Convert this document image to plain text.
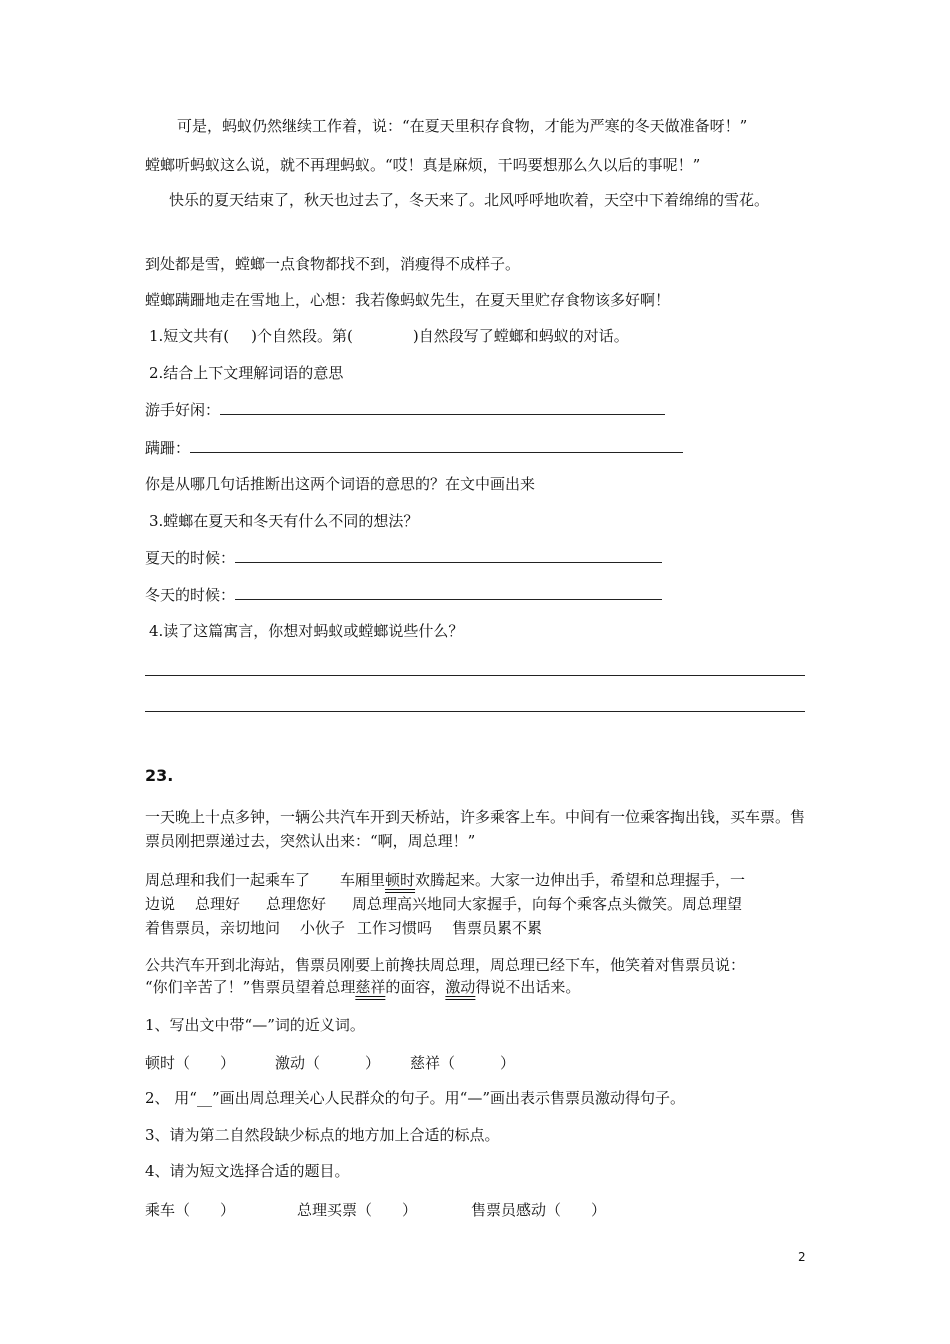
可是，蚂蚁仍然继续工作着，说：“在夏天里积存食物，才能为严寒的冬天做准备呀！”
螳螂听蚂蚁这么说，就不再理蚂蚁。“哎！真是麻烦，干吗要想那么久以后的事呢！”
快乐的夏天结束了，秋天也过去了，冬天来了。北风呼呼地吹着，天空中下着绵绵的雪花。
到处都是雪，螳螂一点食物都找不到，消瘦得不成样子。
螳螂蹒跚地走在雪地上，心想：我若像蚂蚁先生，在夏天里贮存食物该多好啊！
1.短文共有( )个自然段。第(	)自然段写了螳螂和蚂蚁的对话。
2.结合上下文理解词语的意思
游手好闲：
蹒跚：
你是从哪几句话推断出这两个词语的意思的？在文中画出来
3.螳螂在夏天和冬天有什么不同的想法？
夏天的时候：
冬天的时候：
4.读了这篇寓言，你想对蚂蚁或螳螂说些什么？
23.
一天晚上十点多钟，一辆公共汽车开到天桥站，许多乘客上车。中间有一位乘客掏出钱，买车票。售票员刚把票递过去，突然认出来：“啊，周总理！”
周总理和我们一起乘车了 车厢里顿时欢腾起来。大家一边伸出手，希望和总理握手，一
边说 总理好 总理您好 周总理高兴地同大家握手，向每个乘客点头微笑。周总理望
着售票员，亲切地问 小伙子 工作习惯吗 售票员累不累
公共汽车开到北海站，售票员刚要上前搀扶周总理，周总理已经下车，他笑着对售票员说：
“你们辛苦了！”售票员望着总理慈祥的面容，激动得说不出话来。
1、写出文中带“—”词的近义词。
顿时（　　）	激动（　　　） 慈祥（　　　）
2、 用“__”画出周总理关心人民群众的句子。用“—”画出表示售票员激动得句子。
3、请为第二自然段缺少标点的地方加上合适的标点。
4、请为短文选择合适的题目。
乘车（　　）	总理买票（　　）	售票员感动（　　）
2
